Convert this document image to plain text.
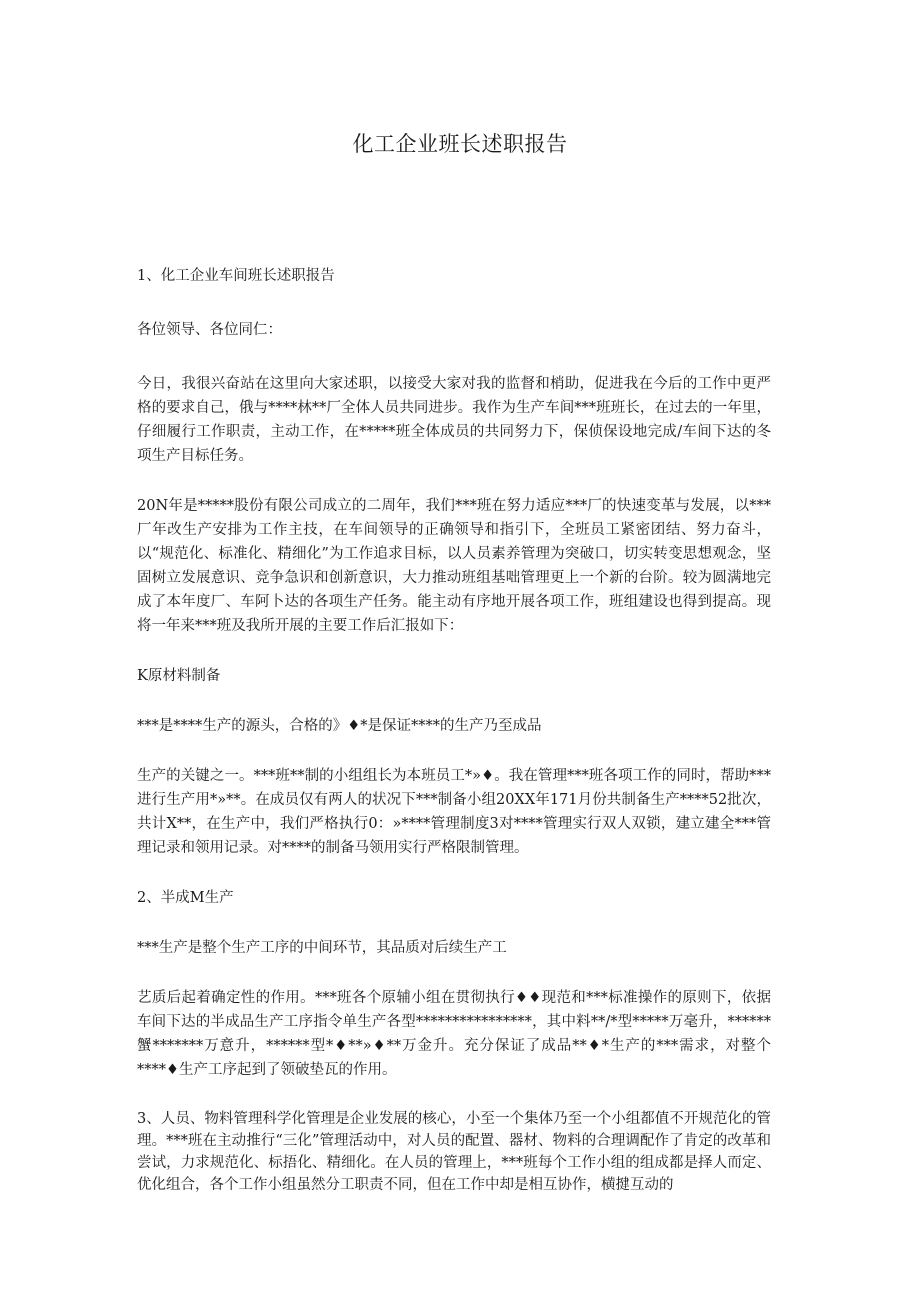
化工企业班长述职报告

1、化工企业车间班长述职报告

各位领导、各位同仁：

今日，我很兴奋站在这里向大家述职，以接受大家对我的监督和梢助，促进我在今后的工作中更严格的要求自己，俄与****林**厂全体人员共同进步。我作为生产车间***班班长，在过去的一年里，仔细履行工作职责，主动工作，在*****班全体成员的共同努力下，保侦保设地完成/车间下达的冬项生产目标任务。

20N年是*****股份有限公司成立的二周年，我们***班在努力适应***厂的快速变革与发展，以***厂年改生产安排为工作主技，在车间领导的正确领导和指引下，全班员工紧密团结、努力奋斗，以“规范化、标准化、精细化”为工作追求目标，以人员素养管理为突破口，切实转变思想观念，坚固树立发展意识、竞争急识和创新意识，大力推动班组基咄管理更上一个新的台阶。较为圆满地完成了本年度厂、车阿卜达的各项生产任务。能主动有序地开展各项工作，班组建设也得到提高。现将一年来***班及我所开展的主要工作后汇报如下：

K原材料制备

***是****生产的源头，合格的》♦*是保证****的生产乃至成品

生产的关键之一。***班**制的小组组长为本班员工*»♦。我在管理***班各项工作的同时，帮助***进行生产用*»**。在成员仅有两人的状况下***制备小组20XX年171月份共制备生产****52批次，共计X**，在生产中，我们严格执行0：»****管理制度3对****管理实行双人双锁，建立建全***管理记录和领用记录。对****的制备马领用实行严格限制管理。

2、半成M生产

***生产是整个生产工序的中间环节，其品质对后续生产工

艺质后起着确定性的作用。***班各个原辅小组在贯彻执行♦♦现范和***标准操作的原则下，依据车间下达的半成品生产工序指令单生产各型****************，其中料**/*型*****万毫升，******蟹*******万意升，******型*♦**»♦**万金升。充分保证了成品**♦*生产的***需求，对整个****♦生产工序起到了领破垫瓦的作用。

3、人员、物料管理科学化管理是企业发展的核心，小至一个集体乃至一个小组都值不开规范化的管理。***班在主动推行“三化”管理活动中，对人员的配置、器材、物料的合理调配作了肯定的改革和尝试，力求规范化、标捂化、精细化。在人员的管理上，***班每个工作小组的组成都是择人而定、优化组合，各个工作小组虽然分工职责不同，但在工作中却是相互协作，横揵互动的
